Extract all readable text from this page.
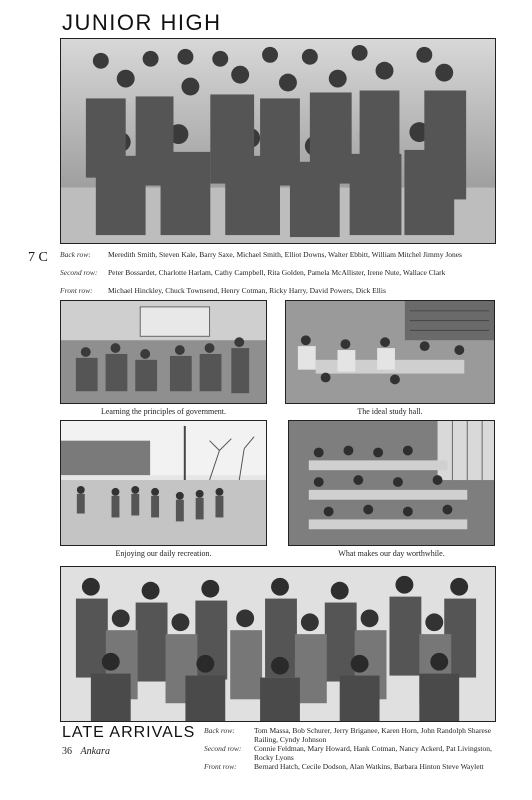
JUNIOR HIGH
7 C Back row: Meredith Smith, Steven Kale, Barry Saxe, Michael Smith, Elliot Downs, Walter Ebbitt, William Mitchel Jimmy Jones
Second row: Peter Bossardet, Charlotte Harlam, Cathy Campbell, Rita Golden, Pamela McAllister, Irene Nute, Wallace Clark
Front row: Michael Hinckley, Chuck Townsend, Henry Cotman, Ricky Harry, David Powers, Dick Ellis
Learning the principles of government.	The ideal study hall.
Enjoying our daily recreation.	What makes our day worthwhile.
LATE ARRIVALS
36 Ankara
Back row:	Tom Massa, Bob Schurer, Jerry Briganee, Karen Horn, John Randolph Sharese Railing, Cyndy Johnson
Second row: Connie Feldman, Mary Howard, Hank Cotman, Nancy Ackerd, Pat Livingston, Rocky Lyons
Front row: Bernard Hatch, Cecile Dodson, Alan Watkins, Barbara Hinton Steve Waylett
